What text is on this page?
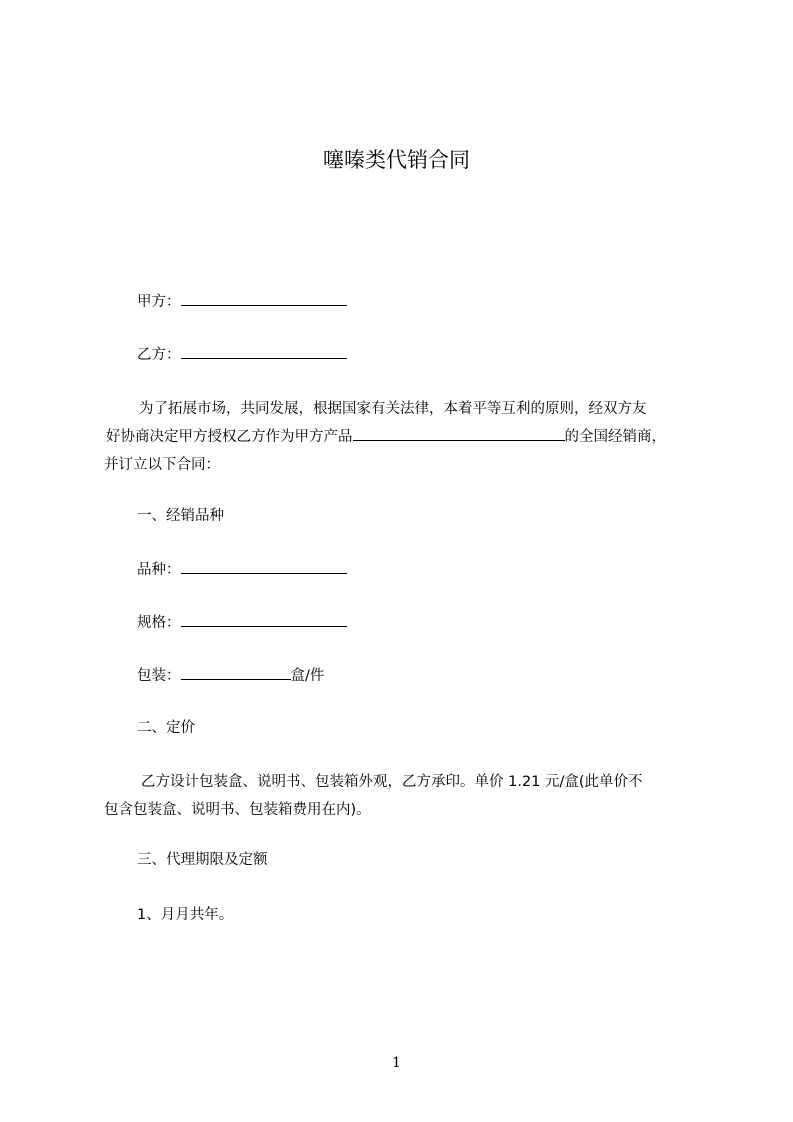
噻嗪类代销合同
甲方：
乙方：
为了拓展市场，共同发展，根据国家有关法律，本着平等互利的原则，经双方友
好协商决定甲方授权乙方作为甲方产品	的全国经销商，
并订立以下合同：
一、经销品种
品种：
规格：
包装：	盒/件
二、定价
乙方设计包装盒、说明书、包装箱外观，乙方承印。单价 1.21 元/盒(此单价不
包含包装盒、说明书、包装箱费用在内)。
三、代理期限及定额
1、月月共年。
1
